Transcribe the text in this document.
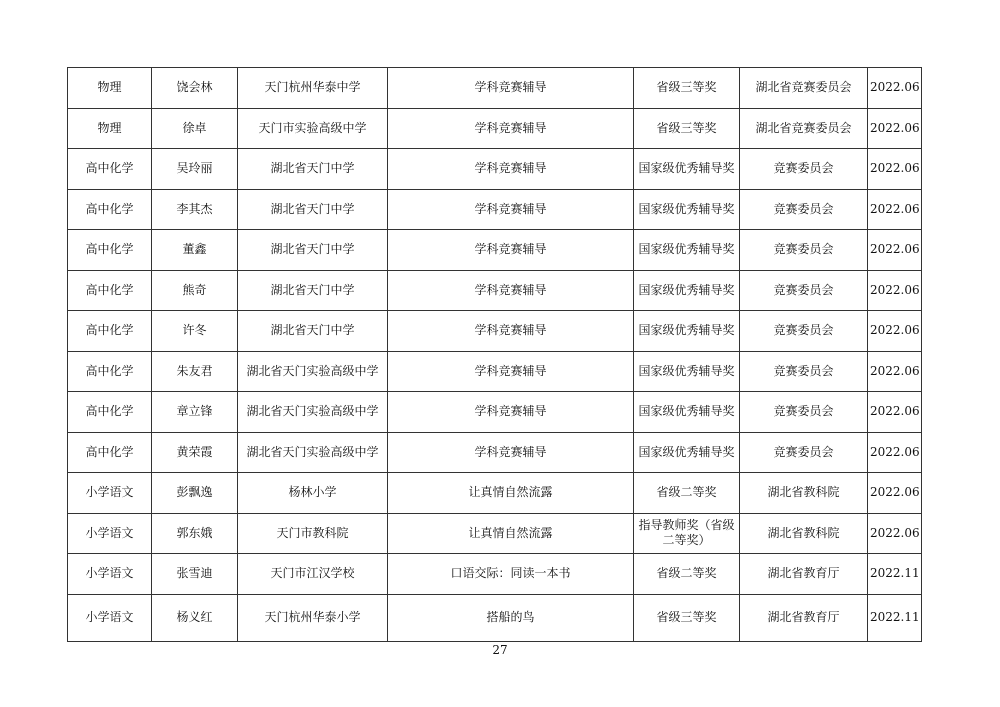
物理	饶会林	天门杭州华泰中学	学科竞赛辅导	省级三等奖	湖北省竞赛委员会	2022.06
物理	徐卓	天门市实验高级中学	学科竞赛辅导	省级三等奖	湖北省竞赛委员会	2022.06
高中化学	吴玲丽	湖北省天门中学	学科竞赛辅导	国家级优秀辅导奖	竞赛委员会	2022.06
高中化学	李其杰	湖北省天门中学	学科竞赛辅导	国家级优秀辅导奖	竞赛委员会	2022.06
高中化学	董鑫	湖北省天门中学	学科竞赛辅导	国家级优秀辅导奖	竞赛委员会	2022.06
高中化学	熊奇	湖北省天门中学	学科竞赛辅导	国家级优秀辅导奖	竞赛委员会	2022.06
高中化学	许冬	湖北省天门中学	学科竞赛辅导	国家级优秀辅导奖	竞赛委员会	2022.06
高中化学	朱友君	湖北省天门实验高级中学	学科竞赛辅导	国家级优秀辅导奖	竞赛委员会	2022.06
高中化学	章立锋	湖北省天门实验高级中学	学科竞赛辅导	国家级优秀辅导奖	竞赛委员会	2022.06
高中化学	黄荣霞	湖北省天门实验高级中学	学科竞赛辅导	国家级优秀辅导奖	竞赛委员会	2022.06
小学语文	彭飘逸	杨林小学	让真情自然流露	省级二等奖	湖北省教科院	2022.06
小学语文	郭东娥	天门市教科院	让真情自然流露	指导教师奖（省级二等奖）	湖北省教科院	2022.06
小学语文	张雪迪	天门市江汉学校	口语交际：同读一本书	省级二等奖	湖北省教育厅	2022.11
小学语文	杨义红	天门杭州华泰小学	搭船的鸟	省级三等奖	湖北省教育厅	2022.11
27
